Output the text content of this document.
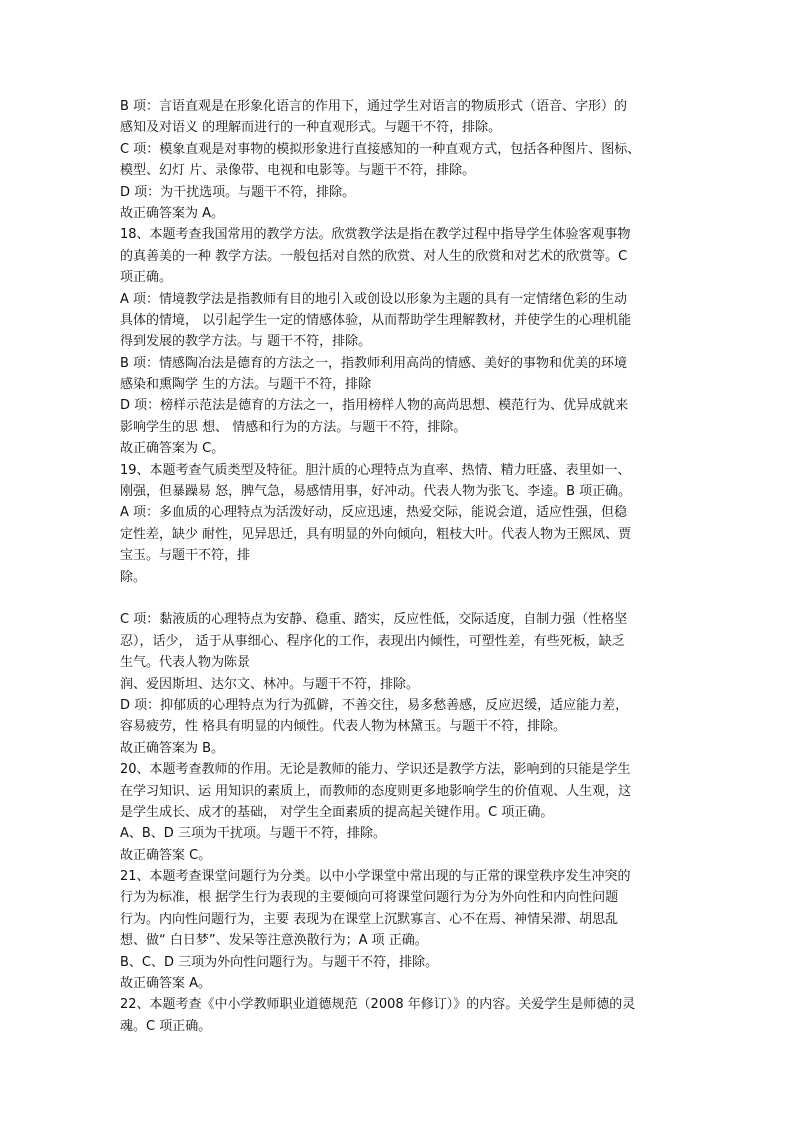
B 项：言语直观是在形象化语言的作用下，通过学生对语言的物质形式（语音、字形）的
感知及对语义 的理解而进行的一种直观形式。与题干不符，排除。
C 项：模象直观是对事物的模拟形象进行直接感知的一种直观方式，包括各种图片、图标、
模型、幻灯 片、录像带、电视和电影等。与题干不符，排除。
D 项：为干扰选项。与题干不符，排除。
故正确答案为 A。
18、本题考查我国常用的教学方法。欣赏教学法是指在教学过程中指导学生体验客观事物
的真善美的一种 教学方法。一般包括对自然的欣赏、对人生的欣赏和对艺术的欣赏等。C
项正确。
A 项：情境教学法是指教师有目的地引入或创设以形象为主题的具有一定情绪色彩的生动
具体的情境， 以引起学生一定的情感体验，从而帮助学生理解教材，并使学生的心理机能
得到发展的教学方法。与 题干不符，排除。
B 项：情感陶冶法是德育的方法之一，指教师利用高尚的情感、美好的事物和优美的环境
感染和熏陶学 生的方法。与题干不符，排除
D 项：榜样示范法是德育的方法之一，指用榜样人物的高尚思想、模范行为、优异成就来
影响学生的思 想、 情感和行为的方法。与题干不符，排除。
故正确答案为 C。
19、本题考查气质类型及特征。胆汁质的心理特点为直率、热情、精力旺盛、表里如一、
刚强，但暴躁易 怒，脾气急，易感情用事，好冲动。代表人物为张飞、李逵。B 项正确。
A 项：多血质的心理特点为活泼好动，反应迅速，热爱交际，能说会道，适应性强，但稳
定性差，缺少 耐性，见异思迁，具有明显的外向倾向，粗枝大叶。代表人物为王熙凤、贾
宝玉。与题干不符，排
除。
C 项：黏液质的心理特点为安静、稳重、踏实，反应性低，交际适度，自制力强（性格坚
忍），话少， 适于从事细心、程序化的工作，表现出内倾性，可塑性差，有些死板，缺乏
生气。代表人物为陈景
润、爱因斯坦、达尔文、林冲。与题干不符，排除。
D 项：抑郁质的心理特点为行为孤僻，不善交往，易多愁善感，反应迟缓，适应能力差，
容易疲劳，性 格具有明显的内倾性。代表人物为林黛玉。与题干不符，排除。
故正确答案为 B。
20、本题考查教师的作用。无论是教师的能力、学识还是教学方法，影响到的只能是学生
在学习知识、运 用知识的素质上，而教师的态度则更多地影响学生的价值观、人生观，这
是学生成长、成才的基础， 对学生全面素质的提高起关键作用。C 项正确。
A、B、D 三项为干扰项。与题干不符，排除。
故正确答案 C。
21、本题考查课堂问题行为分类。以中小学课堂中常出现的与正常的课堂秩序发生冲突的
行为为标准，根 据学生行为表现的主要倾向可将课堂问题行为分为外向性和内向性问题
行为。内向性问题行为，主要 表现为在课堂上沉默寡言、心不在焉、神情呆滞、胡思乱
想、做“ 白日梦”、发呆等注意涣散行为；A 项 正确。
B、C、D 三项为外向性问题行为。与题干不符，排除。
故正确答案 A。
22、本题考查《中小学教师职业道德规范（2008 年修订）》的内容。关爱学生是师德的灵
魂。C 项正确。
